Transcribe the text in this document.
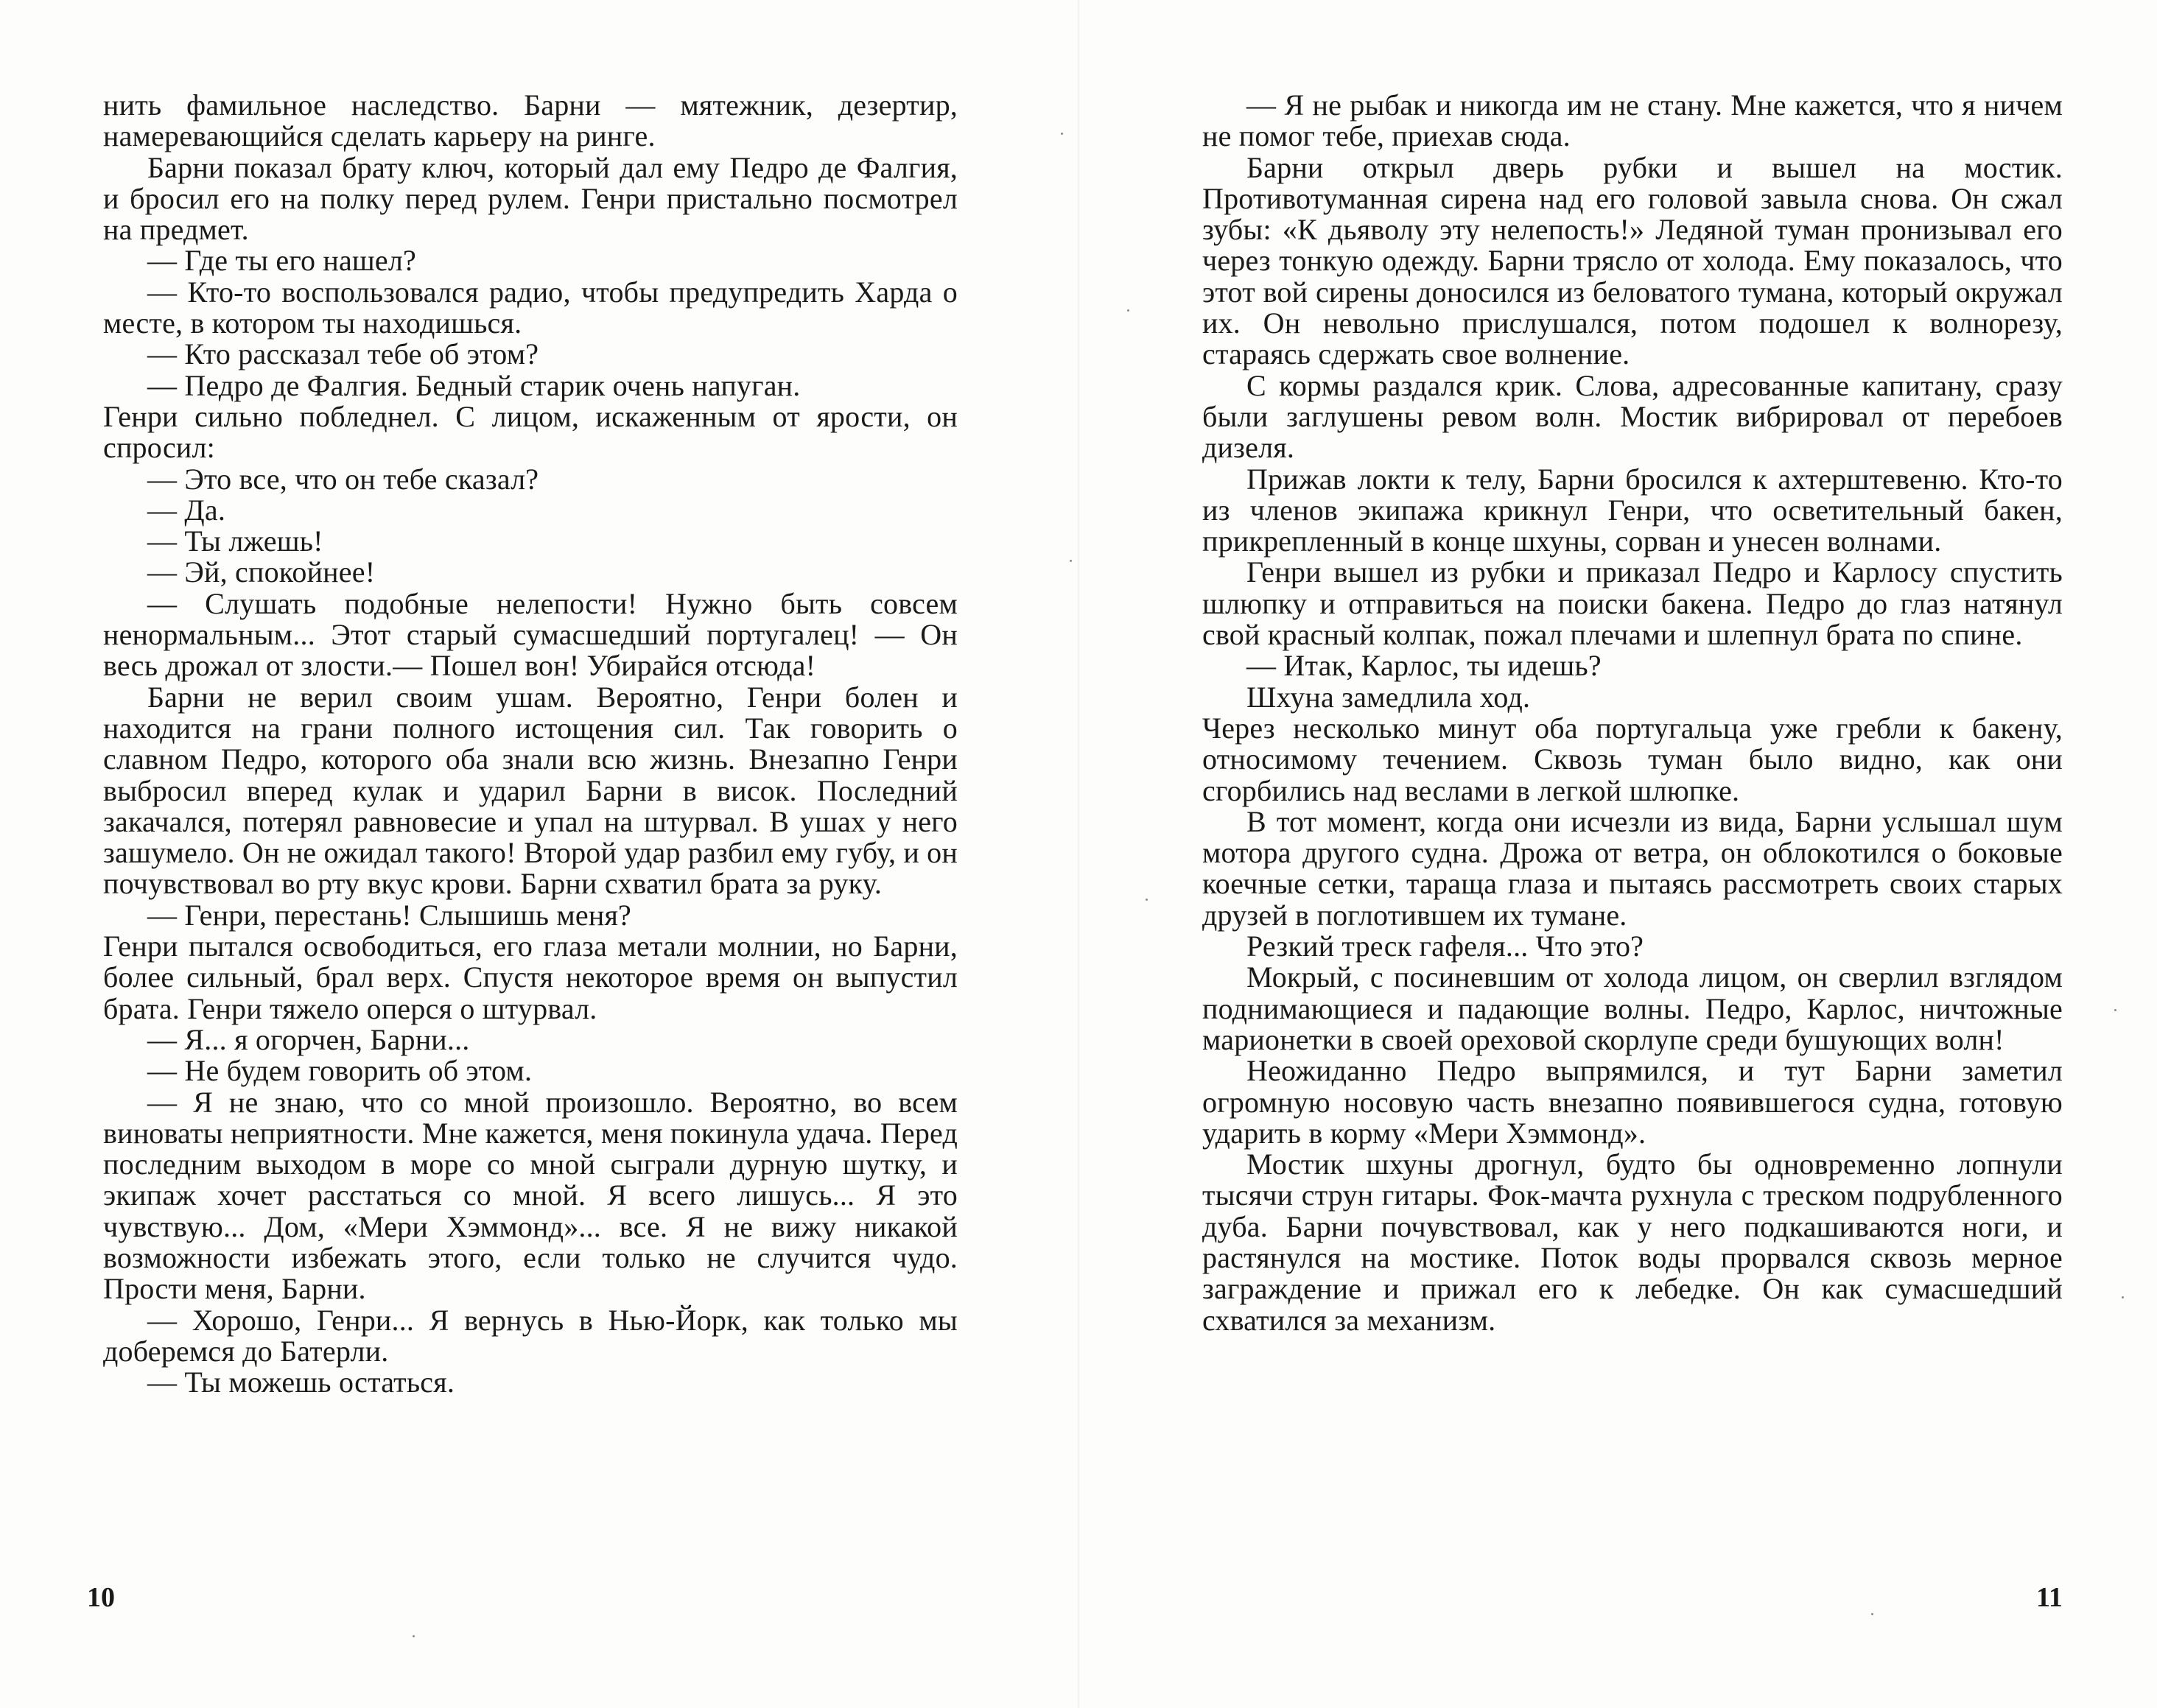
нить фамильное наследство. Барни — мятежник, дезертир, намеревающийся сделать карьеру на ринге.

Барни показал брату ключ, который дал ему Педро де Фалгия, и бросил его на полку перед рулем. Генри пристально посмотрел на предмет.

— Где ты его нашел?

— Кто-то воспользовался радио, чтобы предупредить Харда о месте, в котором ты находишься.

— Кто рассказал тебе об этом?

— Педро де Фалгия. Бедный старик очень напуган.

Генри сильно побледнел. С лицом, искаженным от ярости, он спросил:

— Это все, что он тебе сказал?

— Да.

— Ты лжешь!

— Эй, спокойнее!

— Слушать подобные нелепости! Нужно быть совсем ненормальным... Этот старый сумасшедший португалец! — Он весь дрожал от злости.— Пошел вон! Убирайся отсюда!

Барни не верил своим ушам. Вероятно, Генри болен и находится на грани полного истощения сил. Так говорить о славном Педро, которого оба знали всю жизнь. Внезапно Генри выбросил вперед кулак и ударил Барни в висок. Последний закачался, потерял равновесие и упал на штурвал. В ушах у него зашумело. Он не ожидал такого! Второй удар разбил ему губу, и он почувствовал во рту вкус крови. Барни схватил брата за руку.

— Генри, перестань! Слышишь меня?

Генри пытался освободиться, его глаза метали молнии, но Барни, более сильный, брал верх. Спустя некоторое время он выпустил брата. Генри тяжело оперся о штурвал.

— Я... я огорчен, Барни...

— Не будем говорить об этом.

— Я не знаю, что со мной произошло. Вероятно, во всем виноваты неприятности. Мне кажется, меня покинула удача. Перед последним выходом в море со мной сыграли дурную шутку, и экипаж хочет расстаться со мной. Я всего лишусь... Я это чувствую... Дом, «Мери Хэммонд»... все. Я не вижу никакой возможности избежать этого, если только не случится чудо. Прости меня, Барни.

— Хорошо, Генри... Я вернусь в Нью-Йорк, как только мы доберемся до Батерли.

— Ты можешь остаться.

10

— Я не рыбак и никогда им не стану. Мне кажется, что я ничем не помог тебе, приехав сюда.

Барни открыл дверь рубки и вышел на мостик. Противотуманная сирена над его головой завыла снова. Он сжал зубы: «К дьяволу эту нелепость!» Ледяной туман пронизывал его через тонкую одежду. Барни трясло от холода. Ему показалось, что этот вой сирены доносился из беловатого тумана, который окружал их. Он невольно прислушался, потом подошел к волнорезу, стараясь сдержать свое волнение.

С кормы раздался крик. Слова, адресованные капитану, сразу были заглушены ревом волн. Мостик вибрировал от перебоев дизеля.

Прижав локти к телу, Барни бросился к ахтерштевеню. Кто-то из членов экипажа крикнул Генри, что осветительный бакен, прикрепленный в конце шхуны, сорван и унесен волнами.

Генри вышел из рубки и приказал Педро и Карлосу спустить шлюпку и отправиться на поиски бакена. Педро до глаз натянул свой красный колпак, пожал плечами и шлепнул брата по спине.

— Итак, Карлос, ты идешь?

Шхуна замедлила ход.

Через несколько минут оба португальца уже гребли к бакену, относимому течением. Сквозь туман было видно, как они сгорбились над веслами в легкой шлюпке.

В тот момент, когда они исчезли из вида, Барни услышал шум мотора другого судна. Дрожа от ветра, он облокотился о боковые коечные сетки, тараща глаза и пытаясь рассмотреть своих старых друзей в поглотившем их тумане.

Резкий треск гафеля... Что это?

Мокрый, с посиневшим от холода лицом, он сверлил взглядом поднимающиеся и падающие волны. Педро, Карлос, ничтожные марионетки в своей ореховой скорлупе среди бушующих волн!

Неожиданно Педро выпрямился, и тут Барни заметил огромную носовую часть внезапно появившегося судна, готовую ударить в корму «Мери Хэммонд».

Мостик шхуны дрогнул, будто бы одновременно лопнули тысячи струн гитары. Фок-мачта рухнула с треском подрубленного дуба. Барни почувствовал, как у него подкашиваются ноги, и растянулся на мостике. Поток воды прорвался сквозь мерное заграждение и прижал его к лебедке. Он как сумасшедший схватился за механизм.

11
